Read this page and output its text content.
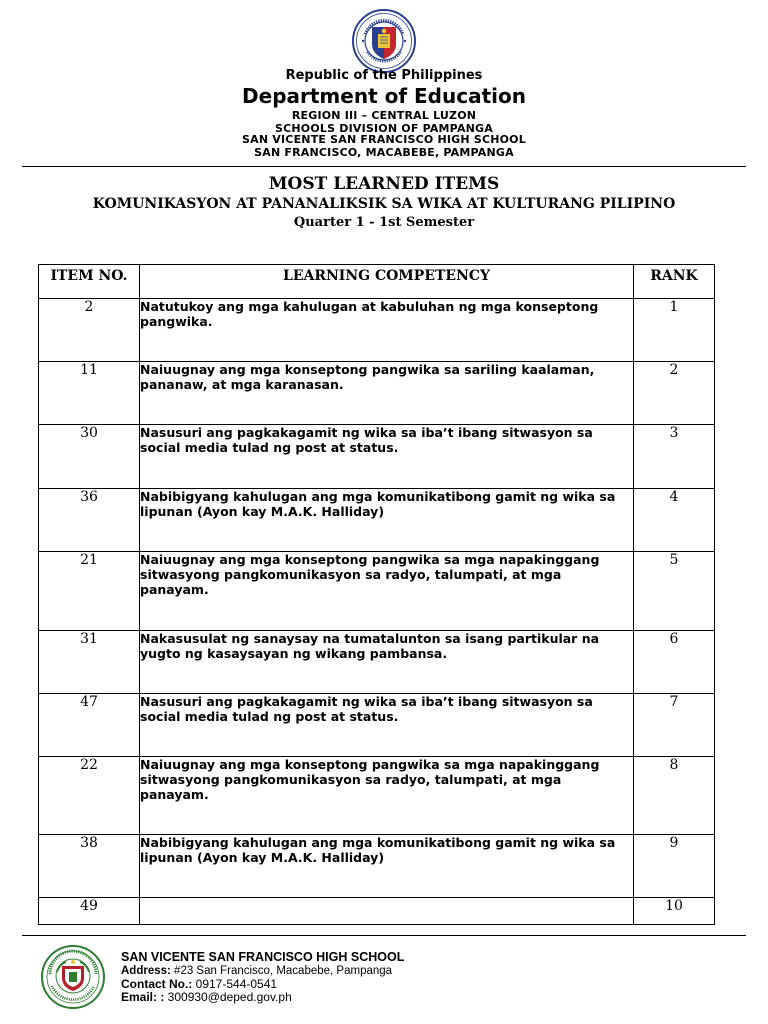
Republic of the Philippines
Department of Education
REGION III – CENTRAL LUZON
SCHOOLS DIVISION OF PAMPANGA
SAN VICENTE SAN FRANCISCO HIGH SCHOOL
SAN FRANCISCO, MACABEBE, PAMPANGA
MOST LEARNED ITEMS
KOMUNIKASYON AT PANANALIKSIK SA WIKA AT KULTURANG PILIPINO
Quarter 1 - 1st Semester
ITEM NO.	LEARNING COMPETENCY	RANK
2	Natutukoy ang mga kahulugan at kabuluhan ng mga konseptong pangwika.	1
11	Naiuugnay ang mga konseptong pangwika sa sariling kaalaman, pananaw, at mga karanasan.	2
30	Nasusuri ang pagkakagamit ng wika sa iba’t ibang sitwasyon sa social media tulad ng post at status.	3
36	Nabibigyang kahulugan ang mga komunikatibong gamit ng wika sa lipunan (Ayon kay M.A.K. Halliday)	4
21	Naiuugnay ang mga konseptong pangwika sa mga napakinggang sitwasyong pangkomunikasyon sa radyo, talumpati, at mga panayam.	5
31	Nakasusulat ng sanaysay na tumatalunton sa isang partikular na yugto ng kasaysayan ng wikang pambansa.	6
47	Nasusuri ang pagkakagamit ng wika sa iba’t ibang sitwasyon sa social media tulad ng post at status.	7
22	Naiuugnay ang mga konseptong pangwika sa mga napakinggang sitwasyong pangkomunikasyon sa radyo, talumpati, at mga panayam.	8
38	Nabibigyang kahulugan ang mga komunikatibong gamit ng wika sa lipunan (Ayon kay M.A.K. Halliday)	9
49		10
SAN VICENTE SAN FRANCISCO HIGH SCHOOL
Address: #23 San Francisco, Macabebe, Pampanga
Contact No.: 0917-544-0541
Email: : 300930@deped.gov.ph
